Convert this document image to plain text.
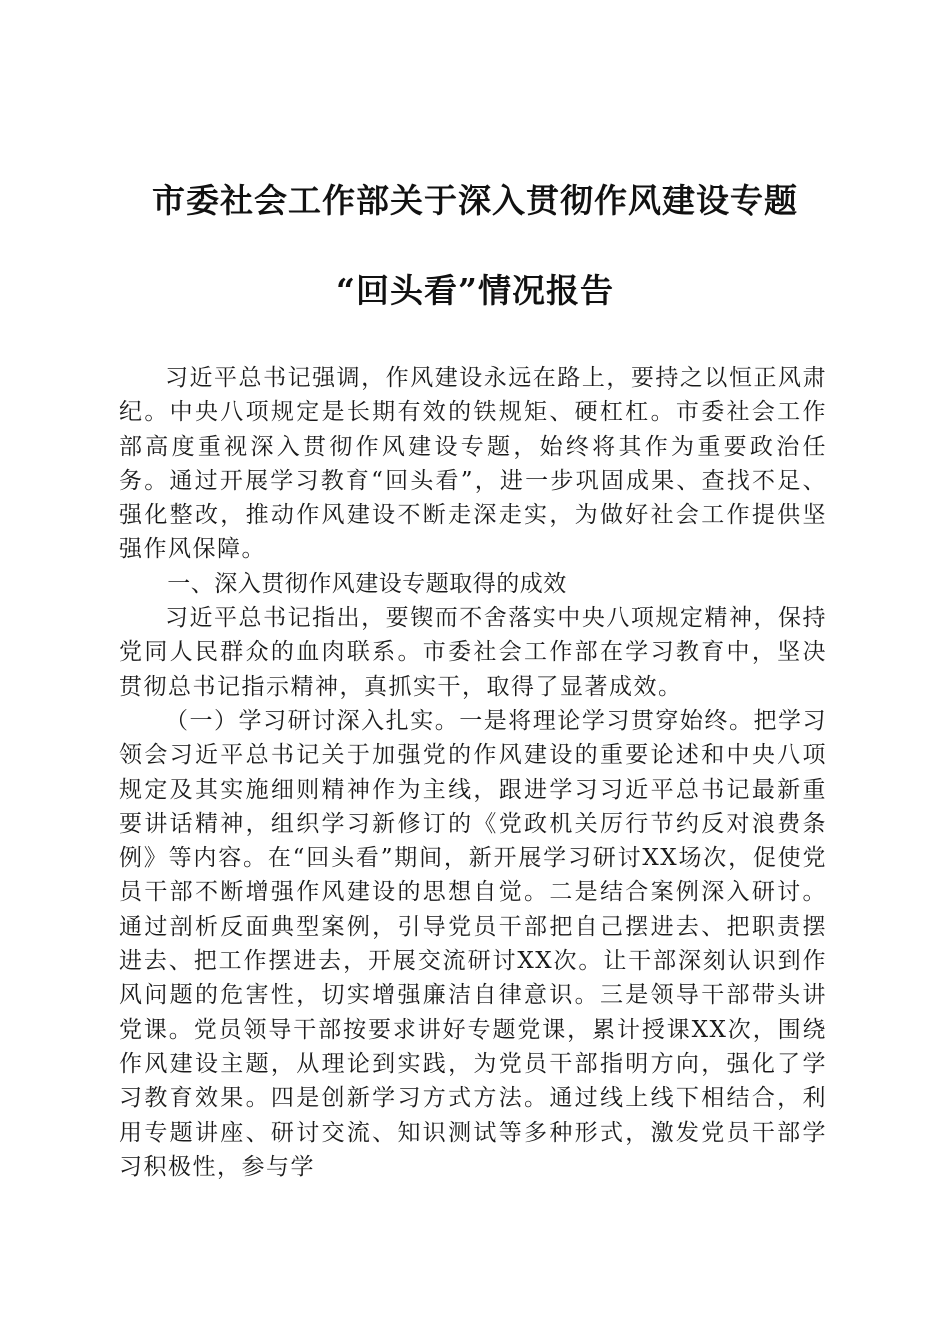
市委社会工作部关于深入贯彻作风建设专题
“回头看”情况报告

习近平总书记强调，作风建设永远在路上，要持之以恒正风肃纪。中央八项规定是长期有效的铁规矩、硬杠杠。市委社会工作部高度重视深入贯彻作风建设专题，始终将其作为重要政治任务。通过开展学习教育“回头看”，进一步巩固成果、查找不足、强化整改，推动作风建设不断走深走实，为做好社会工作提供坚强作风保障。

一、深入贯彻作风建设专题取得的成效

习近平总书记指出，要锲而不舍落实中央八项规定精神，保持党同人民群众的血肉联系。市委社会工作部在学习教育中，坚决贯彻总书记指示精神，真抓实干，取得了显著成效。

（一）学习研讨深入扎实。一是将理论学习贯穿始终。把学习领会习近平总书记关于加强党的作风建设的重要论述和中央八项规定及其实施细则精神作为主线，跟进学习习近平总书记最新重要讲话精神，组织学习新修订的《党政机关厉行节约反对浪费条例》等内容。在“回头看”期间，新开展学习研讨XX场次，促使党员干部不断增强作风建设的思想自觉。二是结合案例深入研讨。通过剖析反面典型案例，引导党员干部把自己摆进去、把职责摆进去、把工作摆进去，开展交流研讨XX次。让干部深刻认识到作风问题的危害性，切实增强廉洁自律意识。三是领导干部带头讲党课。党员领导干部按要求讲好专题党课，累计授课XX次，围绕作风建设主题，从理论到实践，为党员干部指明方向，强化了学习教育效果。四是创新学习方式方法。通过线上线下相结合，利用专题讲座、研讨交流、知识测试等多种形式，激发党员干部学习积极性，参与学
